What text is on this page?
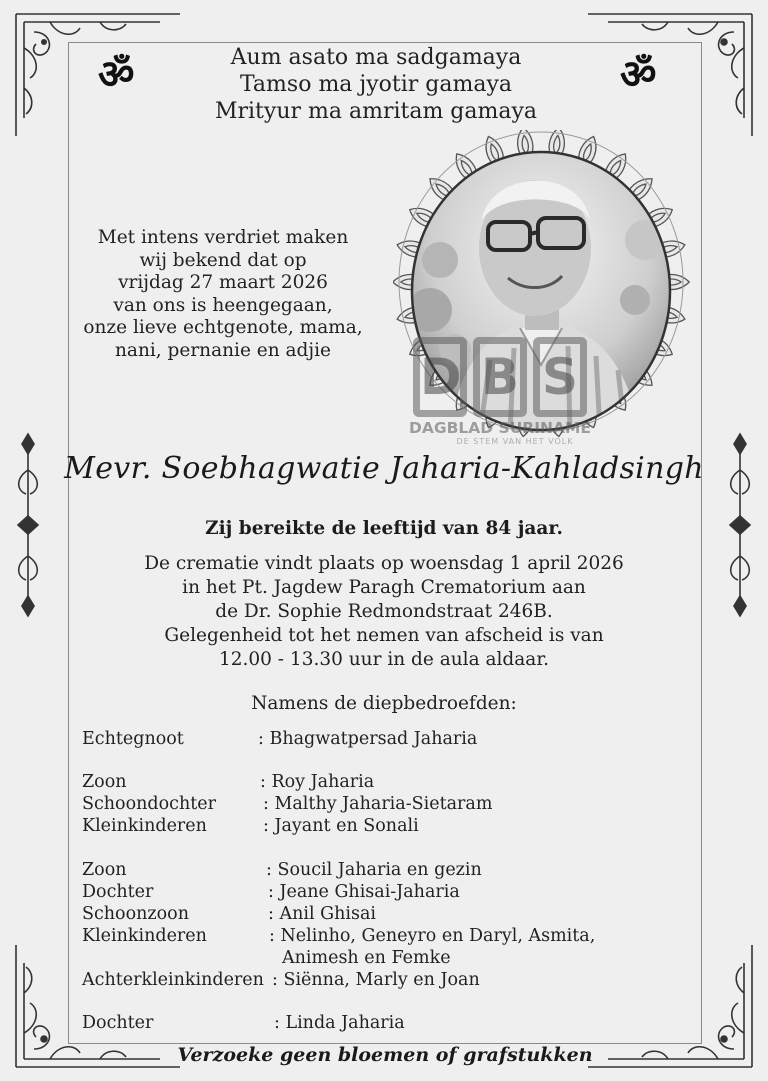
ॐ	ॐ
Aum asato ma sadgamaya
Tamso ma jyotir gamaya
Mrityur ma amritam gamaya
Met intens verdriet maken
wij bekend dat op
vrijdag 27 maart 2026
van ons is heengegaan,
onze lieve echtgenote, mama,
nani, pernanie en adjie	D B S
DAGBLAD SURINAME
DE STEM VAN HET VOLK
Mevr. Soebhagwatie Jaharia-Kahladsingh
Zij bereikte de leeftijd van 84 jaar.
De crematie vindt plaats op woensdag 1 april 2026
in het Pt. Jagdew Paragh Crematorium aan
de Dr. Sophie Redmondstraat 246B.
Gelegenheid tot het nemen van afscheid is van
12.00 - 13.30 uur in de aula aldaar.
Namens de diepbedroefden:
Echtegnoot	: Bhagwatpersad Jaharia
Zoon	: Roy Jaharia
Schoondochter	: Malthy Jaharia-Sietaram
Kleinkinderen	: Jayant en Sonali
Zoon	: Soucil Jaharia en gezin
Dochter	: Jeane Ghisai-Jaharia
Schoonzoon	: Anil Ghisai
Kleinkinderen	: Nelinho, Geneyro en Daryl, Asmita,
Animesh en Femke
Achterkleinkinderen : Siënna, Marly en Joan
Dochter	: Linda Jaharia
Verzoeke geen bloemen of grafstukken
